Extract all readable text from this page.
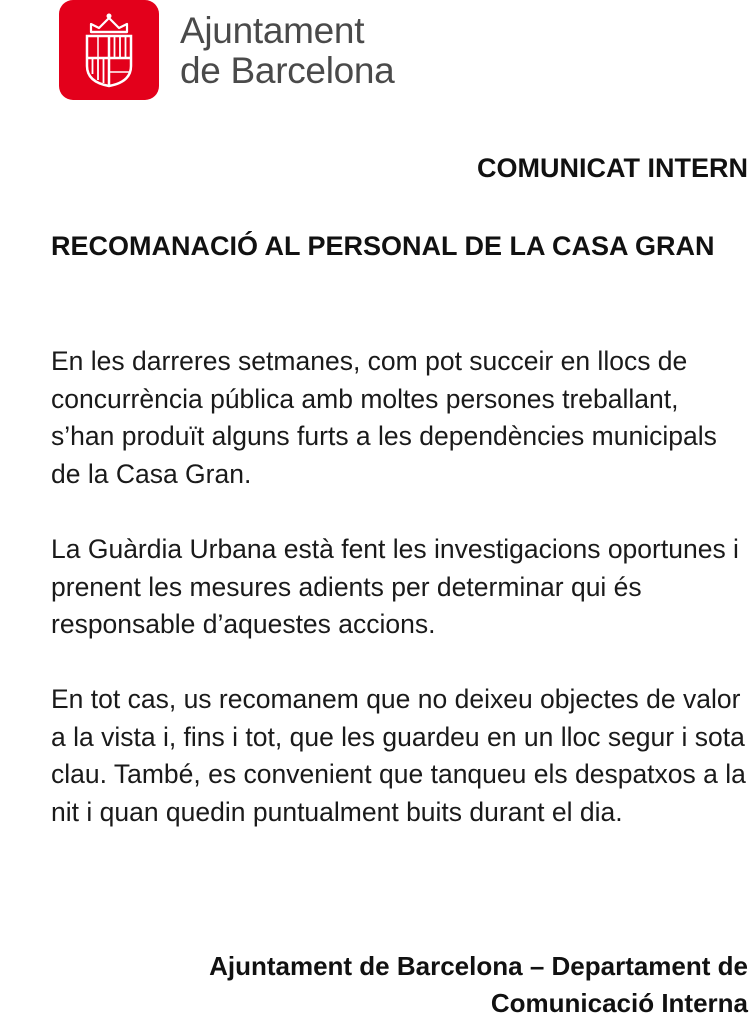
Ajuntament
de Barcelona
COMUNICAT INTERN
RECOMANACIÓ AL PERSONAL DE LA CASA GRAN

En les darreres setmanes, com pot succeir en llocs de concurrència pública amb moltes persones treballant, s’han produït alguns furts a les dependències municipals de la Casa Gran.

La Guàrdia Urbana està fent les investigacions oportunes i prenent les mesures adients per determinar qui és responsable d’aquestes accions.

En tot cas, us recomanem que no deixeu objectes de valor a la vista i, fins i tot, que les guardeu en un lloc segur i sota clau. També, es convenient que tanqueu els despatxos a la nit i quan quedin puntualment buits durant el dia.

Ajuntament de Barcelona – Departament de
Comunicació Interna
